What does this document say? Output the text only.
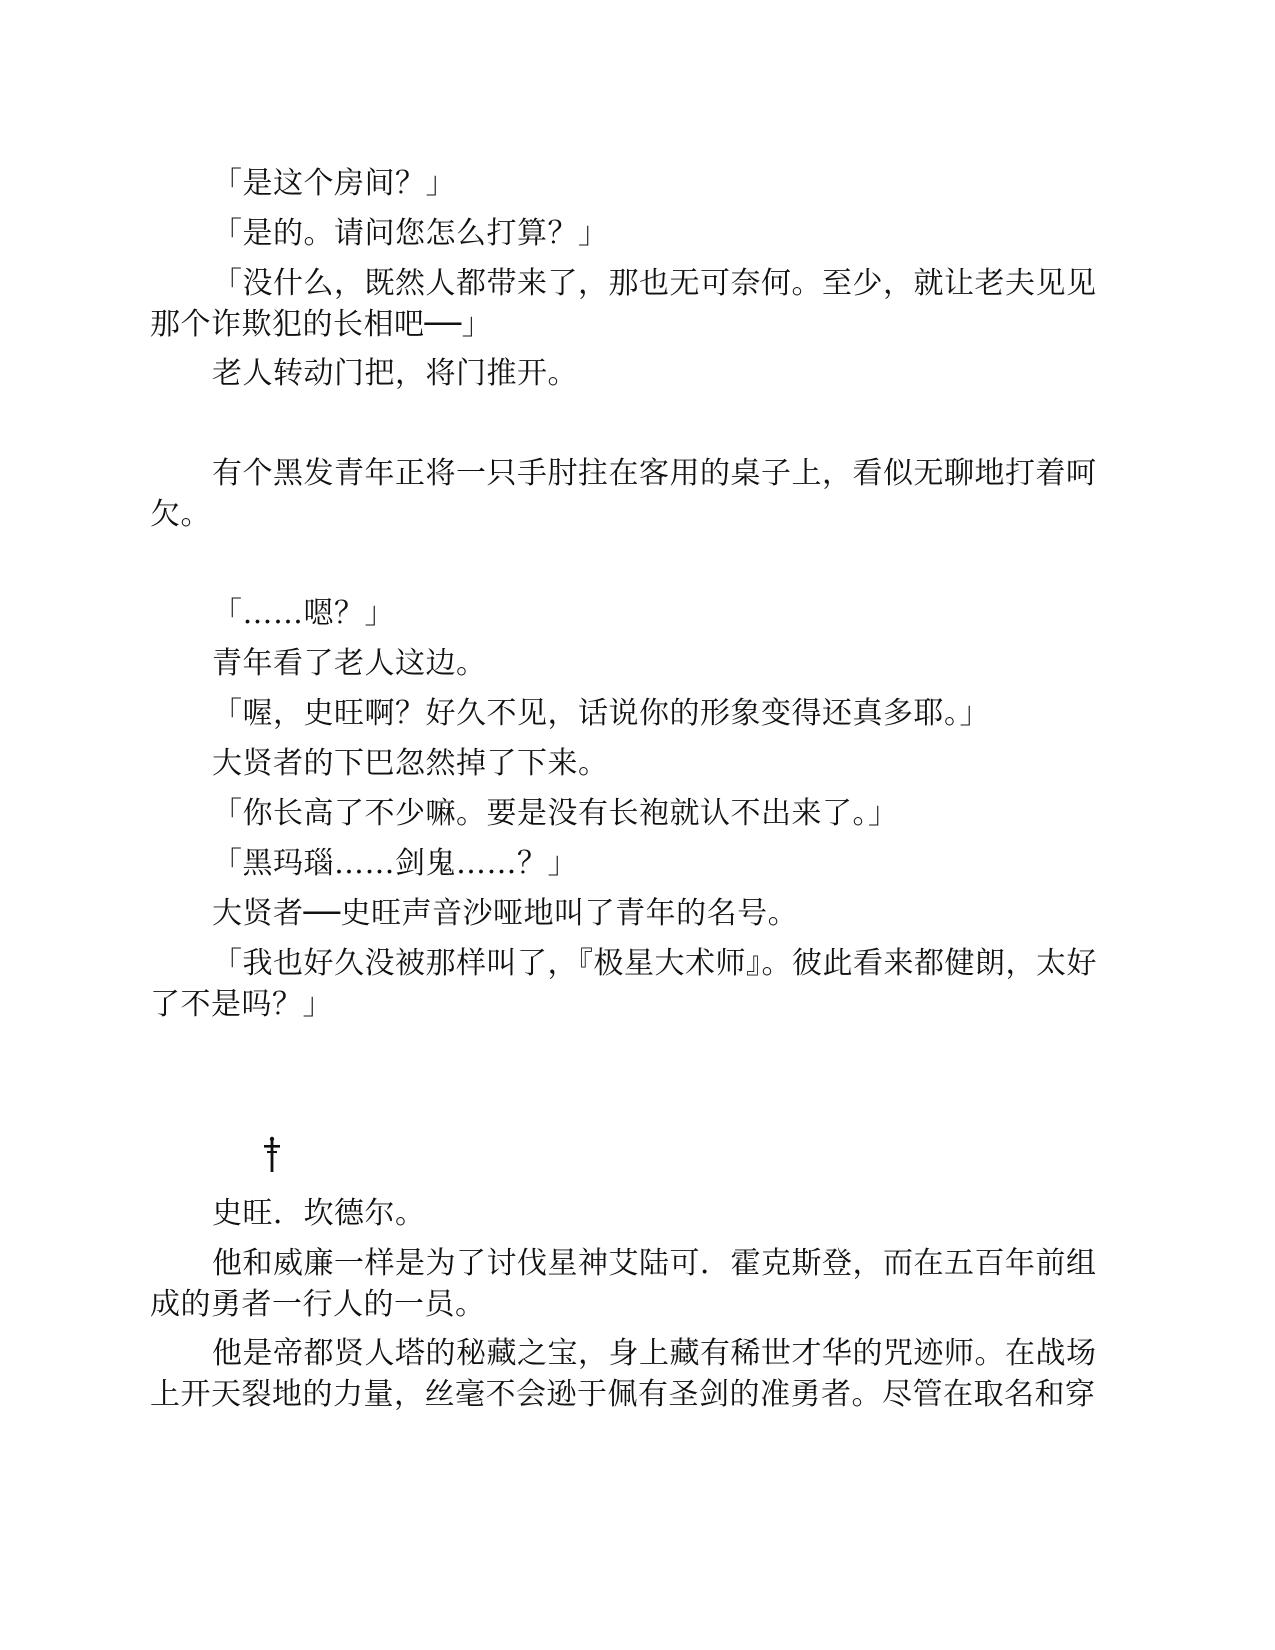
「是这个房间？」

「是的。请问您怎么打算？」

「没什么，既然人都带来了，那也无可奈何。至少，就让老夫见见那个诈欺犯的长相吧──」

老人转动门把，将门推开。

有个黑发青年正将一只手肘拄在客用的桌子上，看似无聊地打着呵欠。

「……嗯？」

青年看了老人这边。

「喔，史旺啊？好久不见，话说你的形象变得还真多耶。」

大贤者的下巴忽然掉了下来。

「你长高了不少嘛。要是没有长袍就认不出来了。」

「黑玛瑙……剑鬼……？」

大贤者──史旺声音沙哑地叫了青年的名号。

「我也好久没被那样叫了，『极星大术师』。彼此看来都健朗，太好了不是吗？」

史旺．坎德尔。

他和威廉一样是为了讨伐星神艾陆可．霍克斯登，而在五百年前组成的勇者一行人的一员。

他是帝都贤人塔的秘藏之宝，身上藏有稀世才华的咒迹师。在战场上开天裂地的力量，丝毫不会逊于佩有圣剑的准勇者。尽管在取名和穿
